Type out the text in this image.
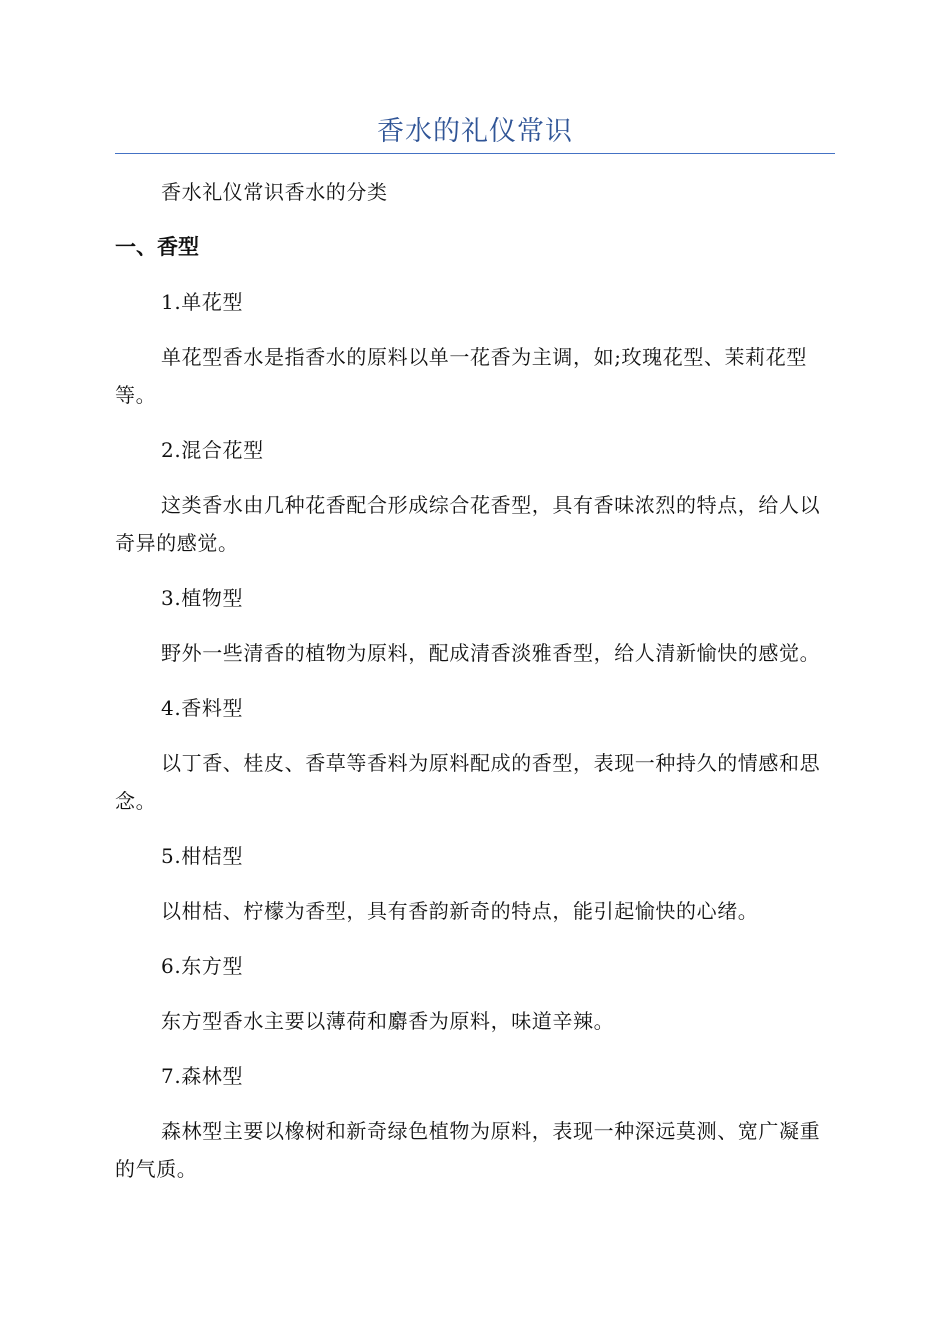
香水的礼仪常识

香水礼仪常识香水的分类

一、香型

1.单花型

单花型香水是指香水的原料以单一花香为主调，如;玫瑰花型、茉莉花型等。

2.混合花型

这类香水由几种花香配合形成综合花香型，具有香味浓烈的特点，给人以奇异的感觉。

3.植物型

野外一些清香的植物为原料，配成清香淡雅香型，给人清新愉快的感觉。

4.香料型

以丁香、桂皮、香草等香料为原料配成的香型，表现一种持久的情感和思念。

5.柑桔型

以柑桔、柠檬为香型，具有香韵新奇的特点，能引起愉快的心绪。

6.东方型

东方型香水主要以薄荷和麝香为原料，味道辛辣。

7.森林型

森林型主要以橡树和新奇绿色植物为原料，表现一种深远莫测、宽广凝重的气质。
